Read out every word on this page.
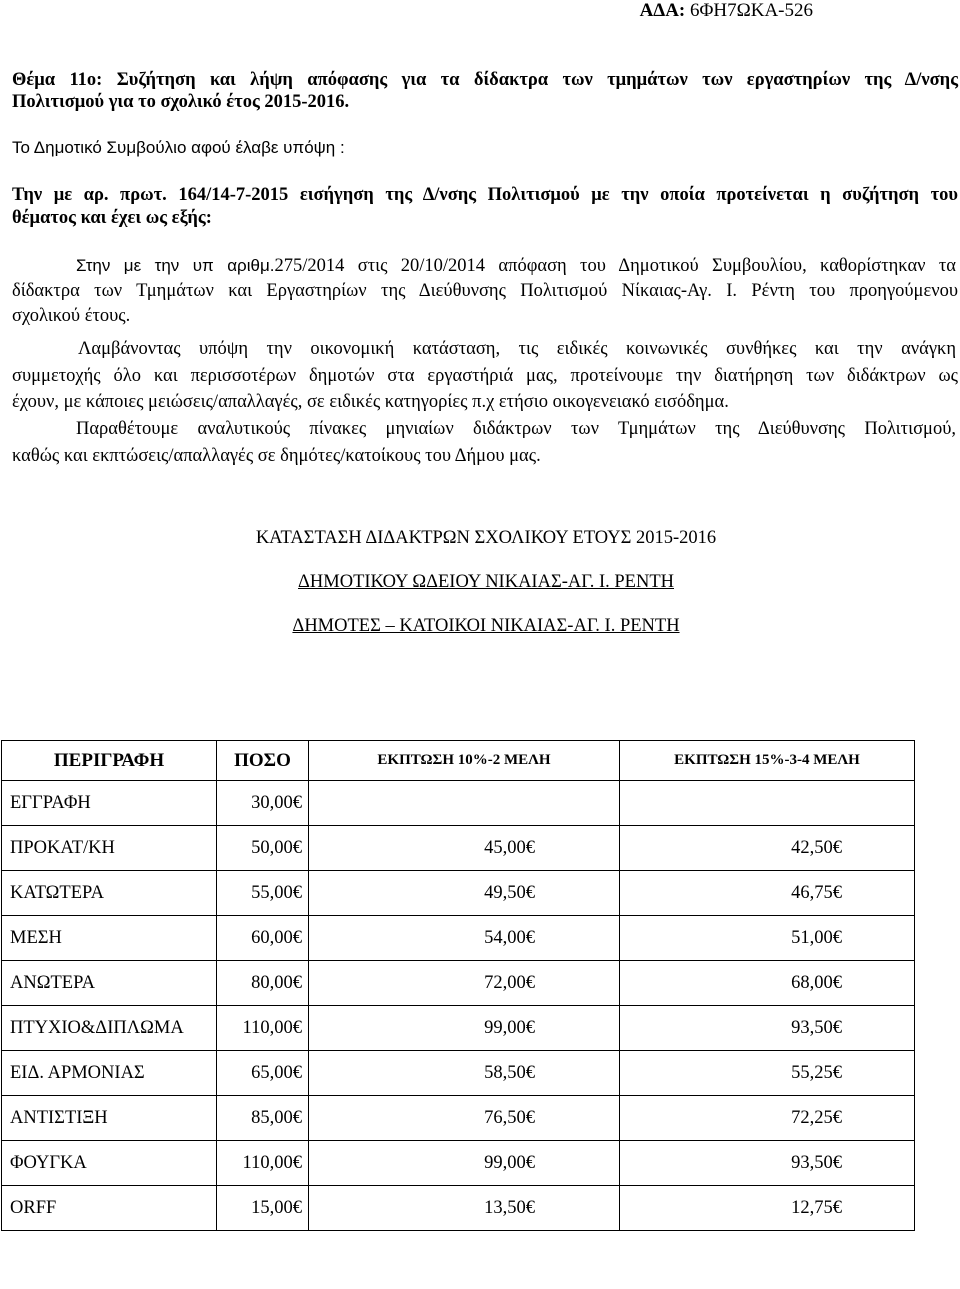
ΑΔΑ: 6ΦΗ7ΩΚΑ-526
Θέμα 11ο: Συζήτηση και λήψη απόφασης για τα δίδακτρα των τμημάτων των εργαστηρίων της Δ/νσης
Πολιτισμού για το σχολικό έτος 2015-2016.
Το Δημοτικό Συμβούλιο αφού έλαβε υπόψη :
Την με αρ. πρωτ. 164/14-7-2015 εισήγηση της Δ/νσης Πολιτισμού με την οποία προτείνεται η συζήτηση του
θέματος και έχει ως εξής:
Στην με την υπ αριθμ.275/2014 στις 20/10/2014 απόφαση του Δημοτικού Συμβουλίου, καθορίστηκαν τα
δίδακτρα των Τμημάτων και Εργαστηρίων της Διεύθυνσης Πολιτισμού Νίκαιας-Αγ. Ι. Ρέντη του προηγούμενου
σχολικού έτους.
Λαμβάνοντας υπόψη την οικονομική κατάσταση, τις ειδικές κοινωνικές συνθήκες και την ανάγκη
συμμετοχής όλο και περισσοτέρων δημοτών στα εργαστήριά μας, προτείνουμε την διατήρηση των διδάκτρων ως
έχουν, με κάποιες μειώσεις/απαλλαγές, σε ειδικές κατηγορίες π.χ ετήσιο οικογενειακό εισόδημα.
Παραθέτουμε αναλυτικούς πίνακες μηνιαίων διδάκτρων των Τμημάτων της Διεύθυνσης Πολιτισμού,
καθώς και εκπτώσεις/απαλλαγές σε δημότες/κατοίκους του Δήμου μας.
ΚΑΤΑΣΤΑΣΗ ΔΙΔΑΚΤΡΩΝ ΣΧΟΛΙΚΟΥ ΕΤΟΥΣ 2015-2016
ΔΗΜΟΤΙΚΟΥ ΩΔΕΙΟΥ ΝΙΚΑΙΑΣ-ΑΓ. Ι. ΡΕΝΤΗ
ΔΗΜΟΤΕΣ – ΚΑΤΟΙΚΟΙ ΝΙΚΑΙΑΣ-ΑΓ. Ι. ΡΕΝΤΗ
ΠΕΡΙΓΡΑΦΗ	ΠΟΣΟ	ΕΚΠΤΩΣΗ 10%-2 ΜΕΛΗ	ΕΚΠΤΩΣΗ 15%-3-4 ΜΕΛΗ
ΕΓΓΡΑΦΗ	30,00€		
ΠΡΟΚΑΤ/ΚΗ	50,00€	45,00€	42,50€
ΚΑΤΩΤΕΡΑ	55,00€	49,50€	46,75€
ΜΕΣΗ	60,00€	54,00€	51,00€
ΑΝΩΤΕΡΑ	80,00€	72,00€	68,00€
ΠΤΥΧΙΟ&ΔΙΠΛΩΜΑ	110,00€	99,00€	93,50€
ΕΙΔ. ΑΡΜΟΝΙΑΣ	65,00€	58,50€	55,25€
ΑΝΤΙΣΤΙΞΗ	85,00€	76,50€	72,25€
ΦΟΥΓΚΑ	110,00€	99,00€	93,50€
ORFF	15,00€	13,50€	12,75€
